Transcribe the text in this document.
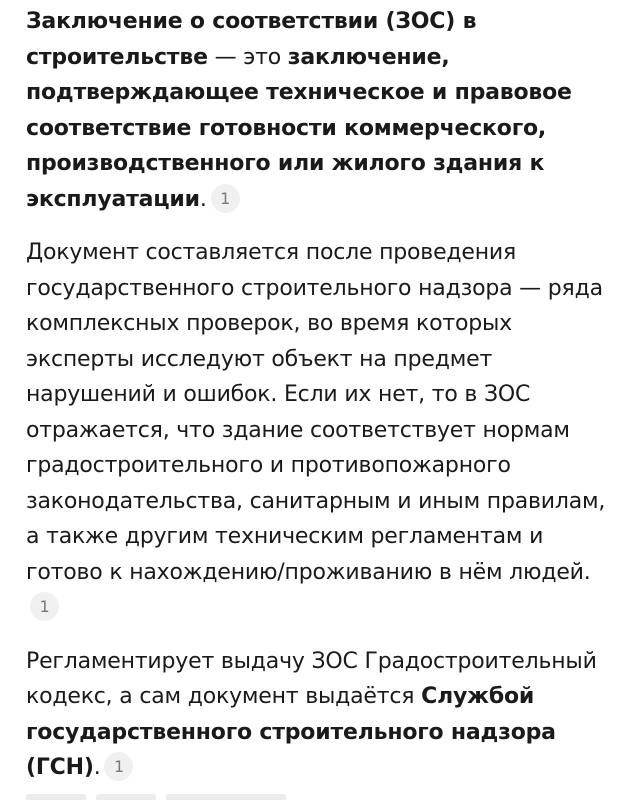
Заключение о соответствии (ЗОС) в строительстве — это заключение, подтверждающее техническое и правовое соответствие готовности коммерческого, производственного или жилого здания к эксплуатации. 1

Документ составляется после проведения государственного строительного надзора — ряда комплексных проверок, во время которых эксперты исследуют объект на предмет нарушений и ошибок. Если их нет, то в ЗОС отражается, что здание соответствует нормам градостроительного и противопожарного законодательства, санитарным и иным правилам, а также другим техническим регламентам и готово к нахождению/проживанию в нём людей.1

Регламентирует выдачу ЗОС Градостроительный кодекс, а сам документ выдаётся Службой государственного строительного надзора (ГСН). 1
